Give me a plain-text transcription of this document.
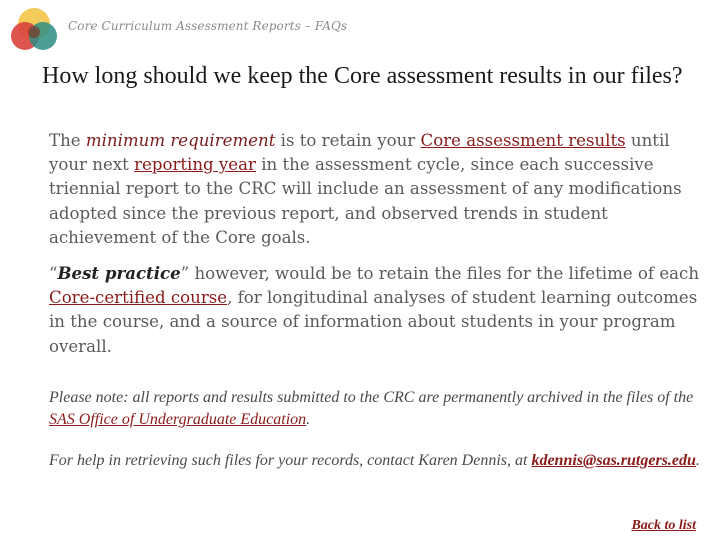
Core Curriculum Assessment Reports – FAQs
How long should we keep the Core assessment results in our files?
The minimum requirement is to retain your Core assessment results until your next reporting year in the assessment cycle, since each successive triennial report to the CRC will include an assessment of any modifications adopted since the previous report, and observed trends in student achievement of the Core goals.
“Best practice” however, would be to retain the files for the lifetime of each Core-certified course, for longitudinal analyses of student learning outcomes in the course, and a source of information about students in your program overall.
Please note: all reports and results submitted to the CRC are permanently archived in the files of the SAS Office of Undergraduate Education.
For help in retrieving such files for your records, contact Karen Dennis, at kdennis@sas.rutgers.edu.
Back to list
